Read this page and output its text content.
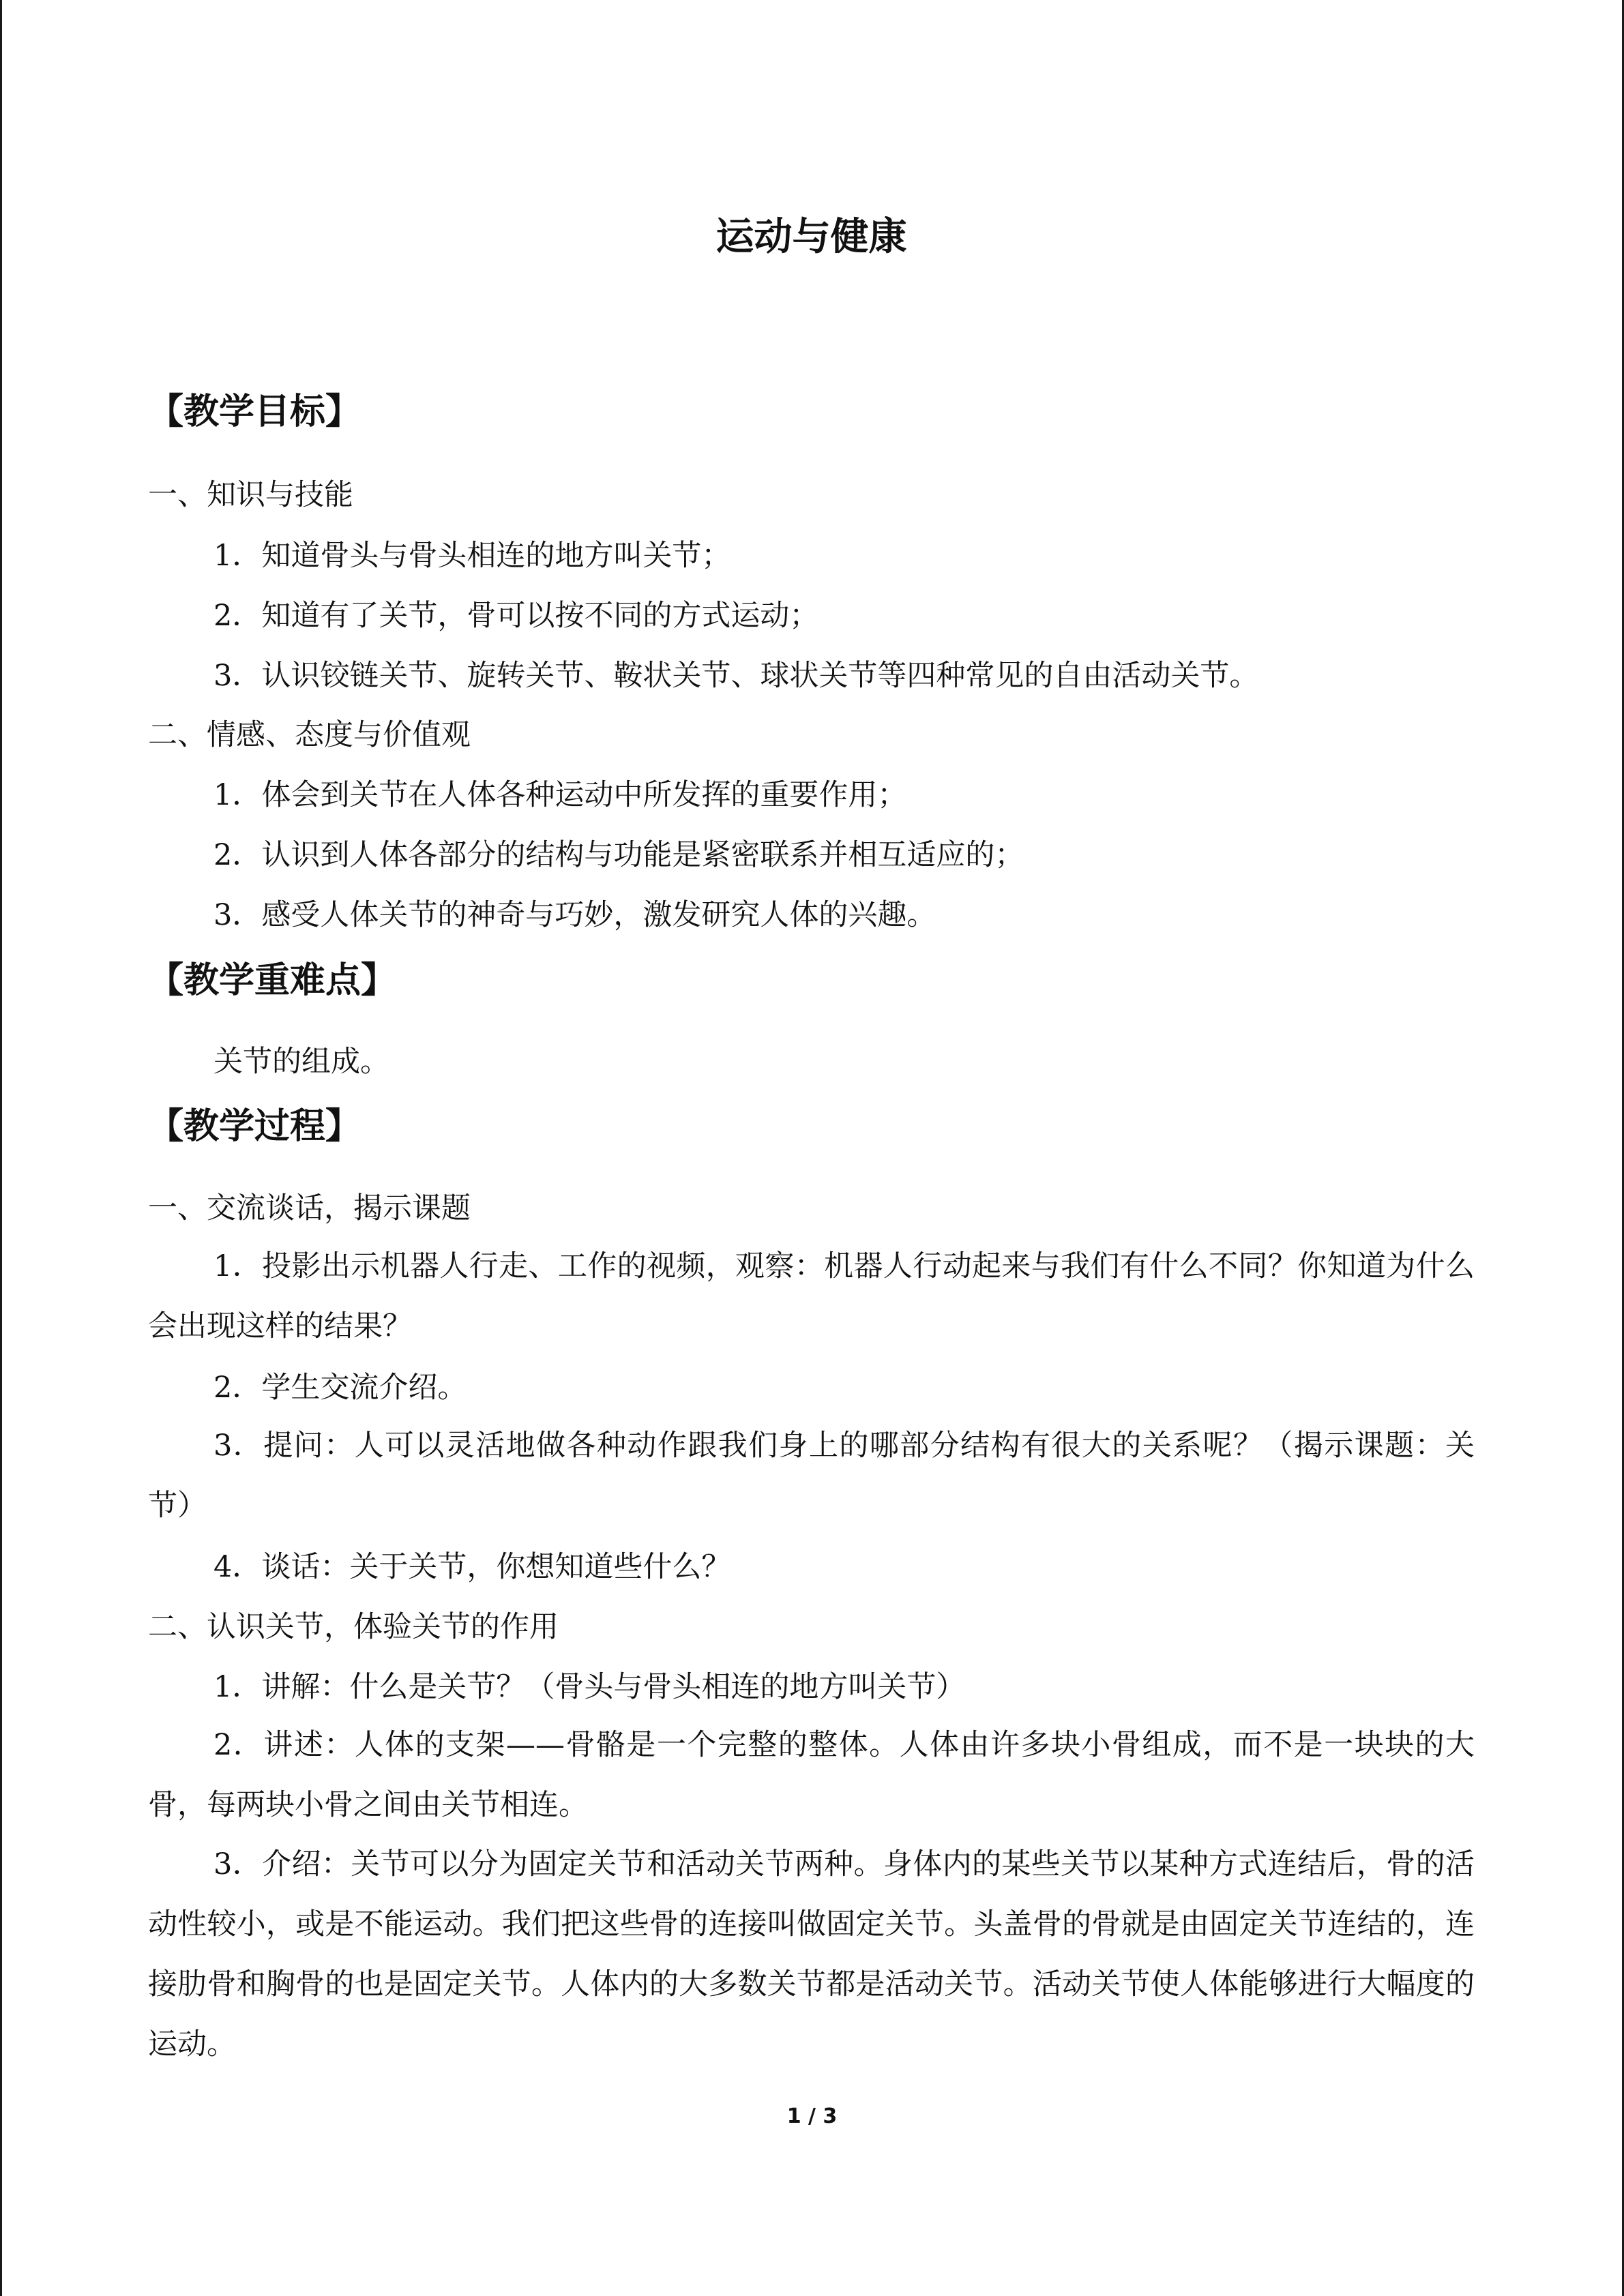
运动与健康
【教学目标】

一、知识与技能

1．知道骨头与骨头相连的地方叫关节；

2．知道有了关节，骨可以按不同的方式运动；

3．认识铰链关节、旋转关节、鞍状关节、球状关节等四种常见的自由活动关节。

二、情感、态度与价值观

1．体会到关节在人体各种运动中所发挥的重要作用；

2．认识到人体各部分的结构与功能是紧密联系并相互适应的；

3．感受人体关节的神奇与巧妙，激发研究人体的兴趣。

【教学重难点】

关节的组成。

【教学过程】

一、交流谈话，揭示课题

1．投影出示机器人行走、工作的视频，观察：机器人行动起来与我们有什么不同？你知道为什么会出现这样的结果？

2．学生交流介绍。

3．提问：人可以灵活地做各种动作跟我们身上的哪部分结构有很大的关系呢？（揭示课题：关节）

4．谈话：关于关节，你想知道些什么？

二、认识关节，体验关节的作用

1．讲解：什么是关节？（骨头与骨头相连的地方叫关节）

2．讲述：人体的支架——骨骼是一个完整的整体。人体由许多块小骨组成，而不是一块块的大骨，每两块小骨之间由关节相连。

3．介绍：关节可以分为固定关节和活动关节两种。身体内的某些关节以某种方式连结后，骨的活动性较小，或是不能运动。我们把这些骨的连接叫做固定关节。头盖骨的骨就是由固定关节连结的，连接肋骨和胸骨的也是固定关节。人体内的大多数关节都是活动关节。活动关节使人体能够进行大幅度的运动。

1 / 3
